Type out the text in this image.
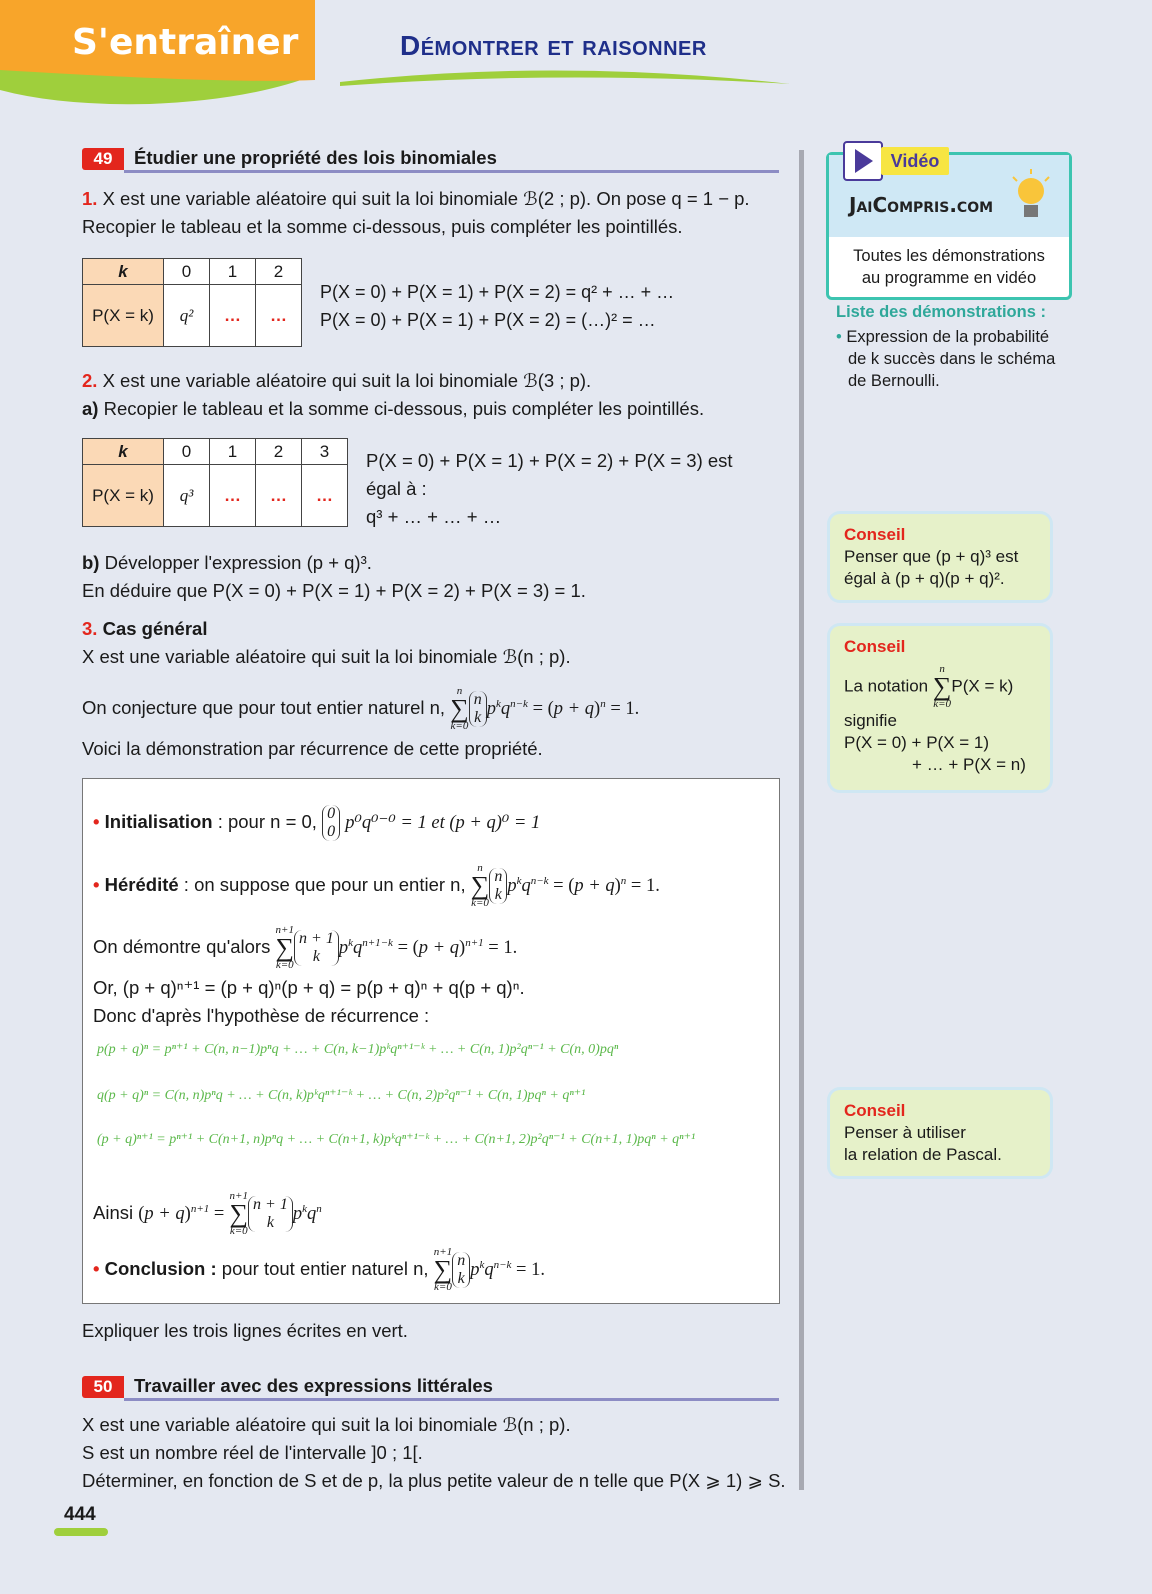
S'entraîner	Démontrer et raisonner
49	Étudier une propriété des lois binomiales
1. X est une variable aléatoire qui suit la loi binomiale ℬ(2 ; p). On pose q = 1 − p.
Recopier le tableau et la somme ci-dessous, puis compléter les pointillés.
k	0	1	2
P(X = k)	q²	…	…
P(X = 0) + P(X = 1) + P(X = 2) = q² + … + …
P(X = 0) + P(X = 1) + P(X = 2) = (…)² = …
2. X est une variable aléatoire qui suit la loi binomiale ℬ(3 ; p).
a) Recopier le tableau et la somme ci-dessous, puis compléter les pointillés.
k	0	1	2	3
P(X = k)	q³	…	…	…
P(X = 0) + P(X = 1) + P(X = 2) + P(X = 3) est
égal à :
q³ + … + … + …
b) Développer l'expression (p + q)³.
En déduire que P(X = 0) + P(X = 1) + P(X = 2) + P(X = 3) = 1.
3. Cas général
X est une variable aléatoire qui suit la loi binomiale ℬ(n ; p).
On conjecture que pour tout entier naturel n, n
∑
k=0n
k $p^kq^{n-k} = (p + q)^n = 1$.
Voici la démonstration par récurrence de cette propriété.
• Initialisation : pour n = 0, 0
0 p⁰q⁰⁻⁰ = 1 et (p + q)⁰ = 1
• Hérédité : on suppose que pour un entier n, n
∑
k=0n
k $p^kq^{n-k} = (p + q)^n = 1$.
On démontre qu'alors n+1
∑
k=0n + 1
k $p^kq^{n+1-k} = (p + q)^{n+1} = 1$.
Or, (p + q)ⁿ⁺¹ = (p + q)ⁿ(p + q) = p(p + q)ⁿ + q(p + q)ⁿ.
Donc d'après l'hypothèse de récurrence :
p(p + q)ⁿ = pⁿ⁺¹ + C(n, n−1)pⁿq + … + C(n, k−1)pᵏqⁿ⁺¹⁻ᵏ + … + C(n, 1)p²qⁿ⁻¹ + C(n, 0)pqⁿ
q(p + q)ⁿ = C(n, n)pⁿq + … + C(n, k)pᵏqⁿ⁺¹⁻ᵏ + … + C(n, 2)p²qⁿ⁻¹ + C(n, 1)pqⁿ + qⁿ⁺¹
(p + q)ⁿ⁺¹ = pⁿ⁺¹ + C(n+1, n)pⁿq + … + C(n+1, k)pᵏqⁿ⁺¹⁻ᵏ + … + C(n+1, 2)p²qⁿ⁻¹ + C(n+1, 1)pqⁿ + qⁿ⁺¹
Ainsi $(p + q)^{n+1} = n+1$
∑
k=0n + 1
k $p^kq^n$
• Conclusion : pour tout entier naturel n, n+1
∑
k=0n
k $p^kq^{n-k} = 1$.
Expliquer les trois lignes écrites en vert.
50	Travailler avec des expressions littérales
X est une variable aléatoire qui suit la loi binomiale ℬ(n ; p).
S est un nombre réel de l'intervalle ]0 ; 1[.
Déterminer, en fonction de S et de p, la plus petite valeur de n telle que P(X ⩾ 1) ⩾ S.
444
Vidéo
JaiCompris.com
Toutes les démonstrations
au programme en vidéo
Liste des démonstrations :
• Expression de la probabilité
de k succès dans le schéma
de Bernoulli.
Conseil
Penser que (p + q)³ est
égal à (p + q)(p + q)².
Conseil
La notation n
∑
k=0P(X = k)
signifie
P(X = 0) + P(X = 1)
+ … + P(X = n)
Conseil
Penser à utiliser
la relation de Pascal.
